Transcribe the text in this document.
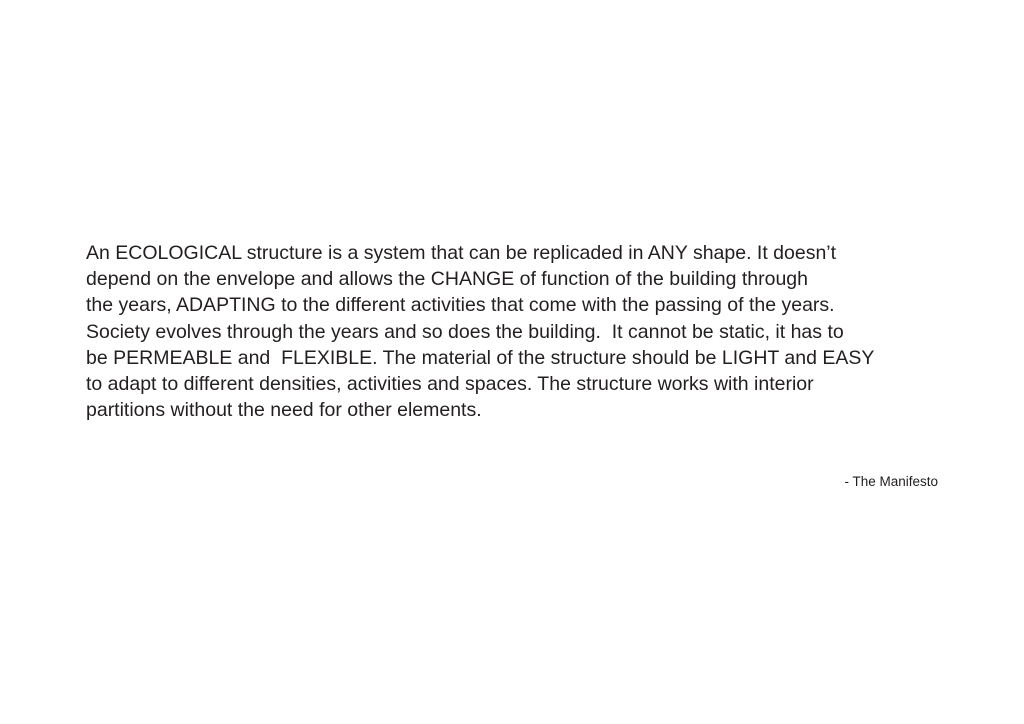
An ECOLOGICAL structure is a system that can be replicaded in ANY shape. It doesn’t
depend on the envelope and allows the CHANGE of function of the building through
the years, ADAPTING to the different activities that come with the passing of the years.
Society evolves through the years and so does the building.  It cannot be static, it has to
be PERMEABLE and  FLEXIBLE. The material of the structure should be LIGHT and EASY
to adapt to different densities, activities and spaces. The structure works with interior
partitions without the need for other elements.

- The Manifesto
